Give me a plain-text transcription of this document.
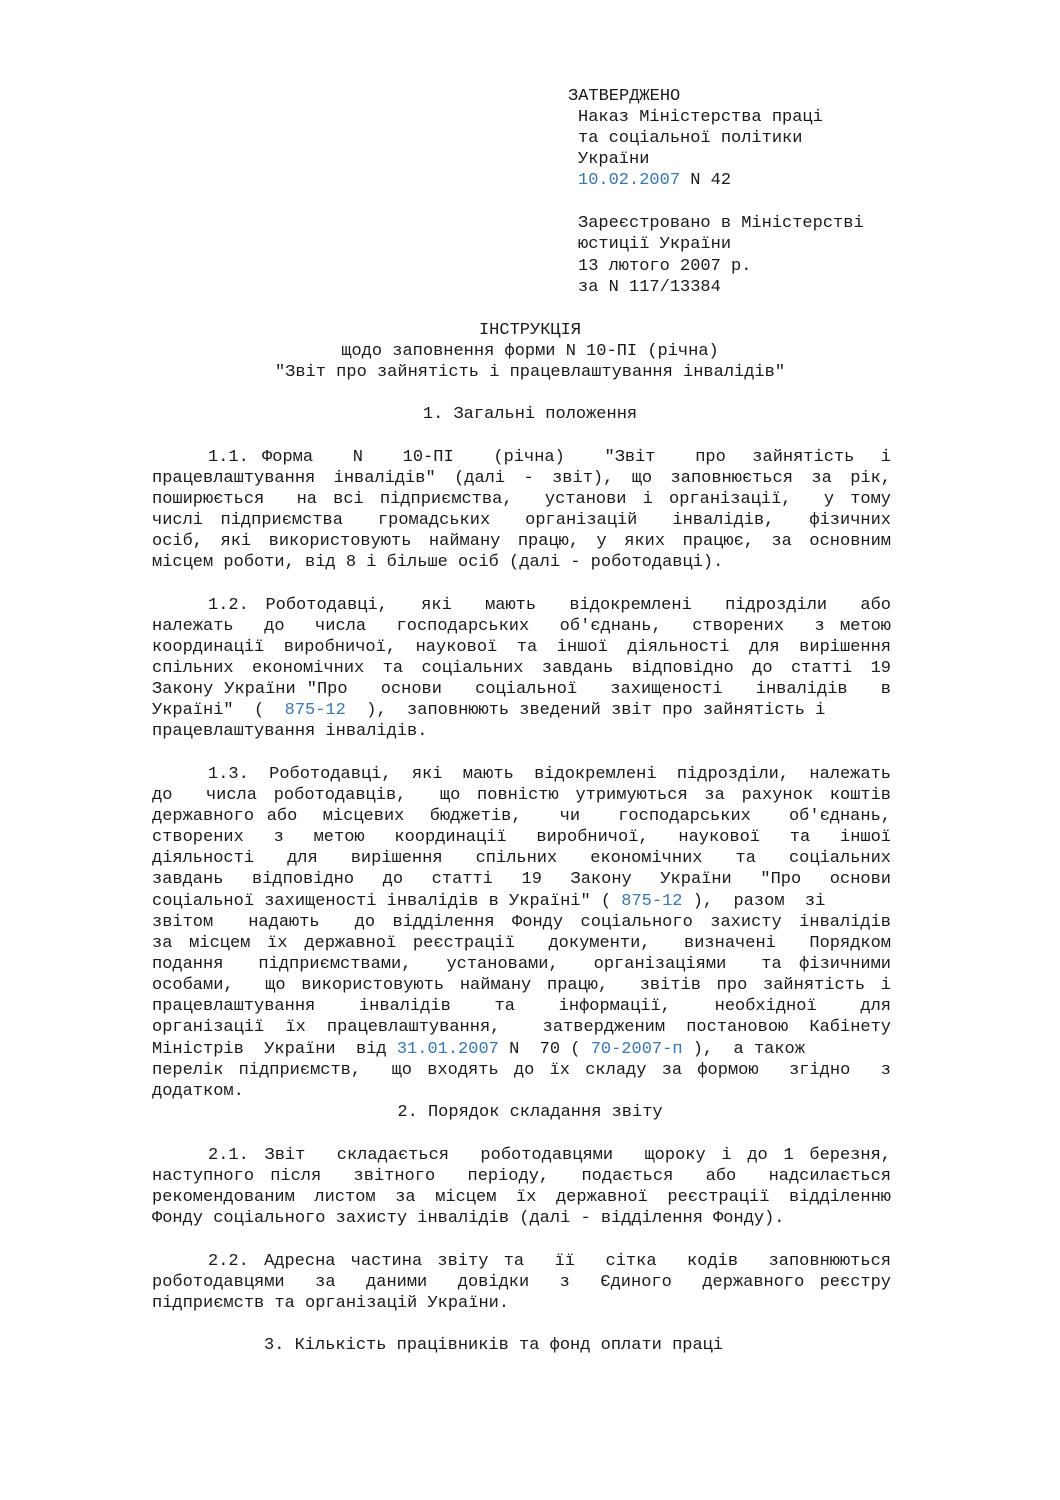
ЗАТВЕРДЖЕНО

Наказ Міністерства праці

та соціальної політики

України

10.02.2007 N 42

Зареєстровано в Міністерстві

юстиції України

13 лютого 2007 р.

за N 117/13384

ІНСТРУКЦІЯ

щодо заповнення форми N 10-ПІ (річна)

"Звіт про зайнятість і працевлаштування інвалідів"

1. Загальні положення

1.1. Форма   N   10-ПІ   (річна)   "Звіт   про  зайнятість  і

працевлаштування інвалідів" (далі - звіт), що заповнюється за рік,

поширюється  на всі підприємства,  установи і організації,  у тому

числі підприємства  громадських  організацій  інвалідів,  фізичних

осіб, які використовують найману працю, у яких працює, за основним

місцем роботи, від 8 і більше осіб (далі - роботодавці).

1.2. Роботодавці,  які  мають  відокремлені  підрозділи  або

належать  до  числа  господарських  об'єднань,  створених  з метою

координації виробничої, наукової та іншої діяльності для вирішення

спільних економічних та соціальних завдань відповідно до статті 19

Закону України "Про   основи   соціальної   захищеності   інвалідів   в

Україні"  ( 875-12 ),  заповнюють зведений звіт про зайнятість і

працевлаштування інвалідів.

1.3. Роботодавці, які мають відокремлені підрозділи, належать

до  числа роботодавців,  що повністю утримуються за рахунок коштів

державного або  місцевих  бюджетів,   чи   господарських   об'єднань,

створених  з  метою  координації  виробничої,  наукової  та  іншої

діяльності  для  вирішення  спільних  економічних  та  соціальних

завдань  відповідно  до  статті  19  Закону  України  "Про  основи

соціальної захищеності інвалідів в Україні" ( 875-12 ),  разом  зі

звітом  надають  до відділення Фонду соціального захисту інвалідів

за місцем їх державної реєстрації  документи,  визначені  Порядком

подання  підприємствами,  установами,  організаціями  та фізичними

особами,  що використовують найману працю,  звітів про зайнятість і

працевлаштування  інвалідів  та  інформації,  необхідної  для

організації їх працевлаштування,  затвердженим постановою Кабінету

Міністрів  України  від 31.01.2007 N  70 ( 70-2007-п ),  а також

перелік підприємств,  що входять до їх складу за формою  згідно  з

додатком.

2. Порядок складання звіту

2.1. Звіт  складається  роботодавцями  щороку і до 1 березня,

наступного після  звітного  періоду,  подається  або  надсилається

рекомендованим листом за місцем їх державної реєстрації відділенню

Фонду соціального захисту інвалідів (далі - відділення Фонду).

2.2. Адресна частина звіту та  її  сітка  кодів  заповнюються

роботодавцями  за  даними  довідки  з  Єдиного  державного реєстру

підприємств та організацій України.

3. Кількість працівників та фонд оплати праці
